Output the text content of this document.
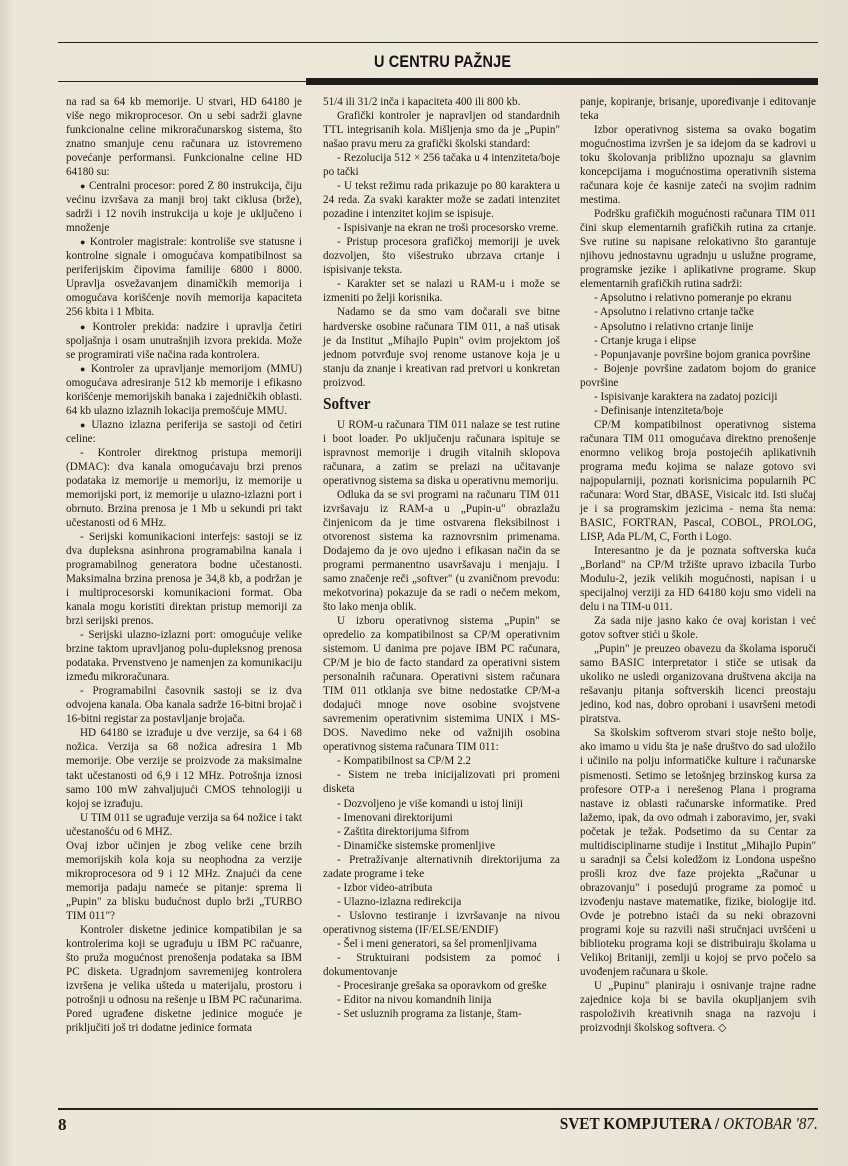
U CENTRU PAŽNJE

na rad sa 64 kb memorije. U stvari, HD 64180 je više nego mikroprocesor. On u sebi sadrži glavne funkcionalne celine mikroračunarskog sistema, što znatno smanjuje cenu računara uz istovremeno povećanje performansi. Funkcionalne celine HD 64180 su:

● Centralni procesor: pored Z 80 instrukcija, čiju većinu izvršava za manji broj takt ciklusa (brže), sadrži i 12 novih instrukcija u koje je uključeno i množenje

● Kontroler magistrale: kontroliše sve statusne i kontrolne signale i omogućava kompatibilnost sa periferijskim čipovima familije 6800 i 8000. Upravlja osvežavanjem dinamičkih memorija i omogućava korišćenje novih memorija kapaciteta 256 kbita i 1 Mbita.

● Kontroler prekida: nadzire i upravlja četiri spoljašnja i osam unutrašnjih izvora prekida. Može se programirati više načina rada kontrolera.

● Kontroler za upravljanje memorijom (MMU) omogućava adresiranje 512 kb memorije i efikasno korišćenje memorijskih banaka i zajedničkih oblasti. 64 kb ulazno izlaznih lokacija premošćuje MMU.

● Ulazno izlazna periferija se sastoji od četiri celine:

- Kontroler direktnog pristupa memoriji (DMAC): dva kanala omogućavaju brzi prenos podataka iz memorije u memoriju, iz memorije u memorijski port, iz memorije u ulazno-izlazni port i obrnuto. Brzina prenosa je 1 Mb u sekundi pri takt učestanosti od 6 MHz.

- Serijski komunikacioni interfejs: sastoji se iz dva dupleksna asinhrona programabilna kanala i programabilnog generatora bodne učestanosti. Maksimalna brzina prenosa je 34,8 kb, a podržan je i multiprocesorski komunikacioni format. Oba kanala mogu koristiti direktan pristup memoriji za brzi serijski prenos.

- Serijski ulazno-izlazni port: omogućuje velike brzine taktom upravljanog polu-dupleksnog prenosa podataka. Prvenstveno je namenjen za komunikaciju između mikroračunara.

- Programabilni časovnik sastoji se iz dva odvojena kanala. Oba kanala sadrže 16-bitni brojač i 16-bitni registar za postavljanje brojača.

HD 64180 se izrađuje u dve verzije, sa 64 i 68 nožica. Verzija sa 68 nožica adresira 1 Mb memorije. Obe verzije se proizvode za maksimalne takt učestanosti od 6,9 i 12 MHz. Potrošnja iznosi samo 100 mW zahvaljujući CMOS tehnologiji u kojoj se izrađuju.

U TIM 011 se ugrađuje verzija sa 64 nožice i takt učestanošću od 6 MHZ.

Ovaj izbor učinjen je zbog velike cene brzih memorijskih kola koja su neophodna za verzije mikroprocesora od 9 i 12 MHz. Znajući da cene memorija padaju nameće se pitanje: sprema li „Pupin" za blisku budućnost duplo brži „TURBO TIM 011"?

Kontroler disketne jedinice kompatibilan je sa kontrolerima koji se ugrađuju u IBM PC račuanre, što pruža mogućnost prenošenja podataka sa IBM PC disketa. Ugradnjom savremenijeg kontrolera izvršena je velika ušteda u materijalu, prostoru i potrošnji u odnosu na rešenje u IBM PC računarima. Pored ugrađene disketne jedinice moguće je priključiti još tri dodatne jedinice formata

51/4 ili 31/2 inča i kapaciteta 400 ili 800 kb.

Grafički kontroler je napravljen od standardnih TTL integrisanih kola. Mišljenja smo da je „Pupin" našao pravu meru za grafički školski standard:

- Rezolucija 512 × 256 tačaka u 4 intenziteta/boje po tački

- U tekst režimu rada prikazuje po 80 karaktera u 24 reda. Za svaki karakter može se zadati intenzitet pozadine i intenzitet kojim se ispisuje.

- Ispisivanje na ekran ne troši procesorsko vreme.

- Pristup procesora grafičkoj memoriji je uvek dozvoljen, što višestruko ubrzava crtanje i ispisivanje teksta.

- Karakter set se nalazi u RAM-u i može se izmeniti po želji korisnika.

Nadamo se da smo vam dočarali sve bitne hardverske osobine računara TIM 011, a naš utisak je da Institut „Mihajlo Pupin" ovim projektom još jednom potvrđuje svoj renome ustanove koja je u stanju da znanje i kreativan rad pretvori u konkretan proizvod.

Softver

U ROM-u računara TIM 011 nalaze se test rutine i boot loader. Po uključenju računara ispituje se ispravnost memorije i drugih vitalnih sklopova računara, a zatim se prelazi na učitavanje operativnog sistema sa diska u operativnu memoriju.

Odluka da se svi programi na računaru TIM 011 izvršavaju iz RAM-a u „Pupin-u" obrazlažu činjenicom da je time ostvarena fleksibilnost i otvorenost sistema ka raznovrsnim primenama. Dodajemo da je ovo ujedno i efikasan način da se programi permanentno usavršavaju i menjaju. I samo značenje reči „softver" (u zvaničnom prevodu: mekotvorina) pokazuje da se radi o nečem mekom, što lako menja oblik.

U izboru operativnog sistema „Pupin" se opredelio za kompatibilnost sa CP/M operativnim sistemom. U danima pre pojave IBM PC računara, CP/M je bio de facto standard za operativni sistem personalnih računara. Operativni sistem računara TIM 011 otklanja sve bitne nedostatke CP/M-a dodajući mnoge nove osobine svojstvene savremenim operativnim sistemima UNIX i MS-DOS. Navedimo neke od važnijih osobina operativnog sistema računara TIM 011:

- Kompatibilnost sa CP/M 2.2

- Sistem ne treba inicijalizovati pri promeni disketa

- Dozvoljeno je više komandi u istoj liniji

- Imenovani direktorijumi

- Zaštita direktorijuma šifrom

- Dinamičke sistemske promenljive

- Pretražívanje alternativnih direktorijuma za zadate programe i teke

- Izbor video-atributa

- Ulazno-izlazna redirekcija

- Uslovno testiranje i izvršavanje na nivou operativnog sistema (IF/ELSE/ENDIF)

- Šel i meni generatori, sa šel promenljivama

- Struktuirani podsistem za pomoć i dokumentovanje

- Procesiranje grešaka sa oporavkom od greške

- Editor na nivou komandnih linija

- Set usluznih programa za listanje, štam-

panje, kopiranje, brisanje, upoređivanje i editovanje teka

Izbor operativnog sistema sa ovako bogatim mogućnostima izvršen je sa idejom da se kadrovi u toku školovanja približno upoznaju sa glavnim koncepcijama i mogućnostima operativnih sistema računara koje će kasnije zateći na svojim radnim mestima.

Podršku grafičkih mogućnosti računara TIM 011 čini skup elementarnih grafičkih rutina za crtanje. Sve rutine su napisane relokativno što garantuje njihovu jednostavnu ugradnju u uslužne programe, programske jezike i aplikativne programe. Skup elementarnih grafičkih rutina sadrži:

- Apsolutno i relativno pomeranje po ekranu

- Apsolutno i relativno crtanje tačke

- Apsolutno i relativno crtanje linije

- Crtanje kruga i elipse

- Popunjavanje površine bojom granica površine

- Bojenje površine zadatom bojom do granice površine

- Ispisivanje karaktera na zadatoj poziciji

- Definisanje intenziteta/boje

CP/M kompatibilnost operativnog sistema računara TIM 011 omogućava direktno prenošenje enormno velikog broja postojećih aplikativnih programa među kojima se nalaze gotovo svi najpopularniji, poznati korisnicima popularnih PC računara: Word Star, dBASE, Visicalc itd. Isti slučaj je i sa programskim jezicima - nema šta nema: BASIC, FORTRAN, Pascal, COBOL, PROLOG, LISP, Ada PL/M, C, Forth i Logo.

Interesantno je da je poznata softverska kuća „Borland" na CP/M tržište upravo izbacila Turbo Modulu-2, jezik velikih mogućnosti, napisan i u specijalnoj verziji za HD 64180 koju smo videli na delu i na TIM-u 011.

Za sada nije jasno kako će ovaj koristan i već gotov softver stići u škole.

„Pupin" je preuzeo obavezu da školama isporuči samo BASIC interpretator i stiče se utisak da ukoliko ne usledi organizovana društvena akcija na rešavanju pitanja softverskih licenci preostaju jedino, kod nas, dobro oprobani i usavršeni metodi piratstva.

Sa školskim softverom stvari stoje nešto bolje, ako imamo u vidu šta je naše društvo do sad uložilo i učinilo na polju informatičke kulture i računarske pismenosti. Setimo se letošnjeg brzinskog kursa za profesore OTP-a i nerešenog Plana i programa nastave iz oblasti računarske informatike. Pred lažemo, ipak, da ovo odmah i zaboravimo, jer, svaki početak je težak. Podsetimo da su Centar za multidisciplinarne studije i Institut „Mihajlo Pupin" u saradnji sa Čelsi koledžom iz Londona uspešno prošli kroz dve faze projekta „Računar u obrazovanju" i posedujú programe za pomoć u izvođenju nastave matematike, fizike, biologije itd. Ovde je potrebno istaći da su neki obrazovni programi koje su razvili naši stručnjaci uvršćeni u biblioteku programa koji se distribuiraju školama u Velikoj Britaniji, zemlji u kojoj se prvo počelo sa uvođenjem računara u škole.

U „Pupinu" planiraju i osnivanje trajne radne zajednice koja bi se bavila okupljanjem svih raspoloživih kreativnih snaga na razvoju i proizvodnji školskog softvera. ◇

8	SVET KOMPJUTERA / OKTOBAR '87.
